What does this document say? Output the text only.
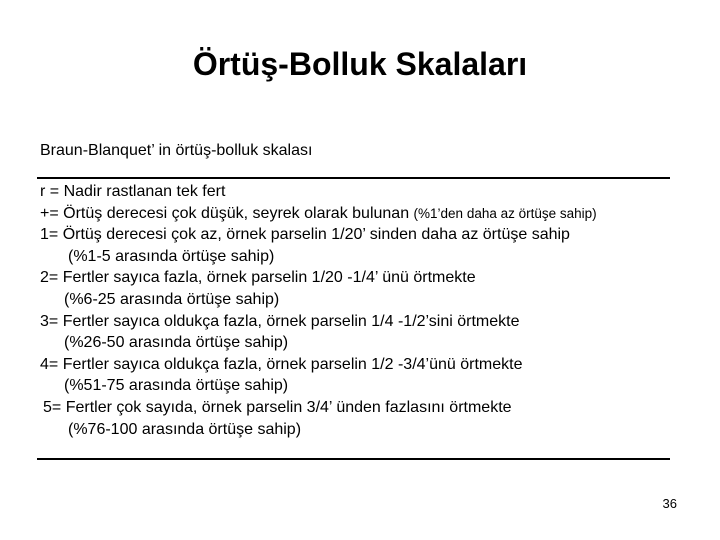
Örtüş-Bolluk Skalaları
Braun-Blanquet’ in örtüş-bolluk skalası
r = Nadir rastlanan tek fert
+= Örtüş derecesi çok düşük, seyrek olarak bulunan (%1’den daha az örtüşe sahip)
1= Örtüş derecesi çok az, örnek parselin 1/20’ sinden daha az örtüşe sahip
(%1-5 arasında örtüşe sahip)
2= Fertler sayıca fazla, örnek parselin 1/20 -1/4’ ünü örtmekte
(%6-25 arasında örtüşe sahip)
3= Fertler sayıca oldukça fazla, örnek parselin 1/4 -1/2’sini örtmekte
(%26-50 arasında örtüşe sahip)
4= Fertler sayıca oldukça fazla, örnek parselin 1/2 -3/4’ünü örtmekte
(%51-75 arasında örtüşe sahip)
5= Fertler çok sayıda, örnek parselin 3/4’ ünden fazlasını örtmekte
(%76-100 arasında örtüşe sahip)
36
